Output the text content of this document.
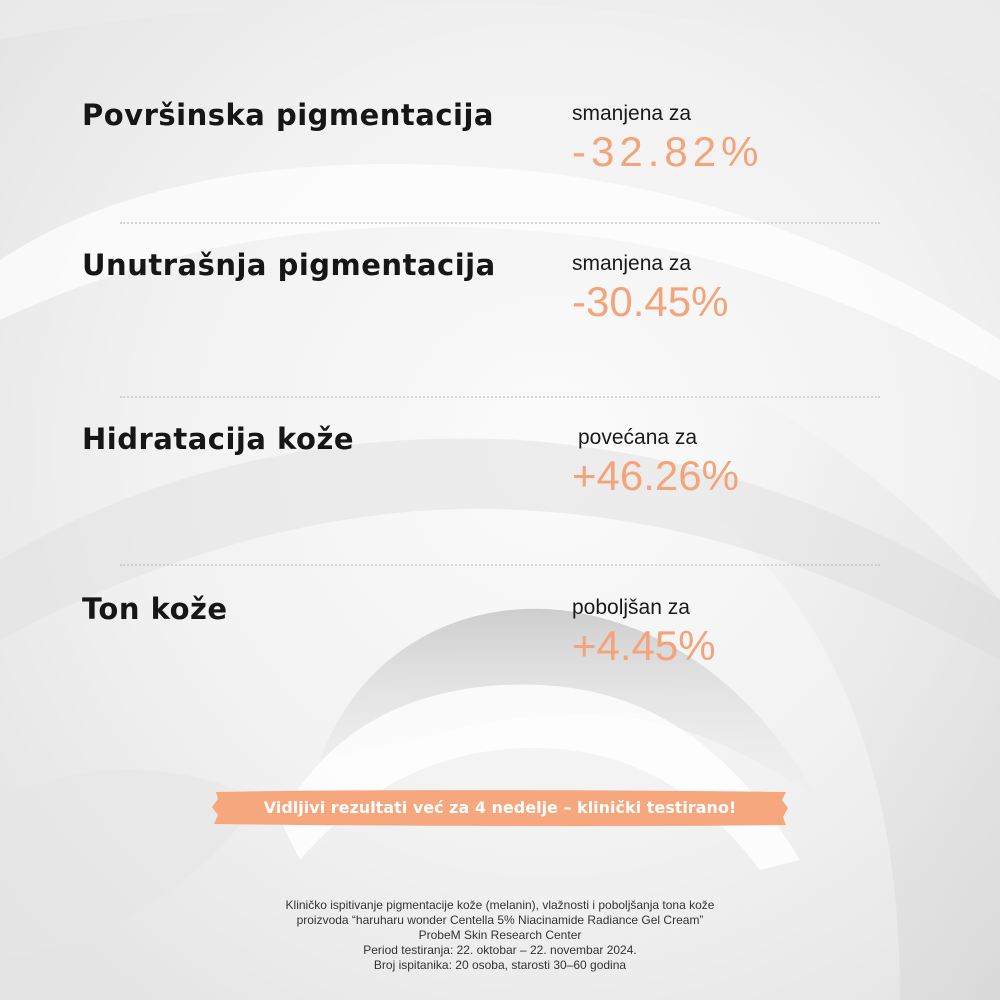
Površinska pigmentacija	smanjena za
-32.82%
Unutrašnja pigmentacija	smanjena za
-30.45%
Hidratacija kože	povećana za
+46.26%
Ton kože	poboljšan za
+4.45%
Vidljivi rezultati već za 4 nedelje – klinički testirano!
Kliničko ispitivanje pigmentacije kože (melanin), vlažnosti i poboljšanja tona kože
proizvoda “haruharu wonder Centella 5% Niacinamide Radiance Gel Cream”
ProbeM Skin Research Center
Period testiranja: 22. oktobar – 22. novembar 2024.
Broj ispitanika: 20 osoba, starosti 30–60 godina
